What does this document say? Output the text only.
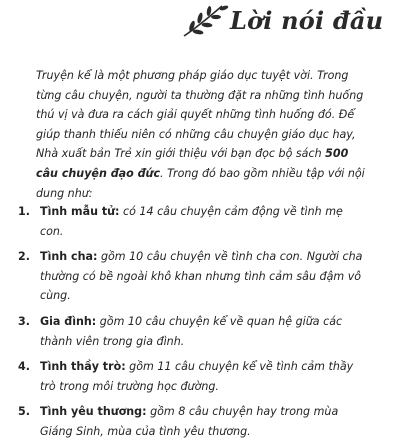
Lời nói đầu

Truyện kể là một phương pháp giáo dục tuyệt vời. Trong từng câu chuyện, người ta thường đặt ra những tình huống thú vị và đưa ra cách giải quyết những tình huống đó. Để giúp thanh thiếu niên có những câu chuyện giáo dục hay, Nhà xuất bản Trẻ xin giới thiệu với bạn đọc bộ sách 500 câu chuyện đạo đức. Trong đó bao gồm nhiều tập với nội dung như:

1. Tình mẫu tử: có 14 câu chuyện cảm động về tình mẹ con.
2. Tình cha: gồm 10 câu chuyện về tình cha con. Người cha thường có bề ngoài khô khan nhưng tình cảm sâu đậm vô cùng.
3. Gia đình: gồm 10 câu chuyện kể về quan hệ giữa các thành viên trong gia đình.
4. Tình thầy trò: gồm 11 câu chuyện kể về tình cảm thầy trò trong môi trường học đường.
5. Tình yêu thương: gồm 8 câu chuyện hay trong mùa Giáng Sinh, mùa của tình yêu thương.
